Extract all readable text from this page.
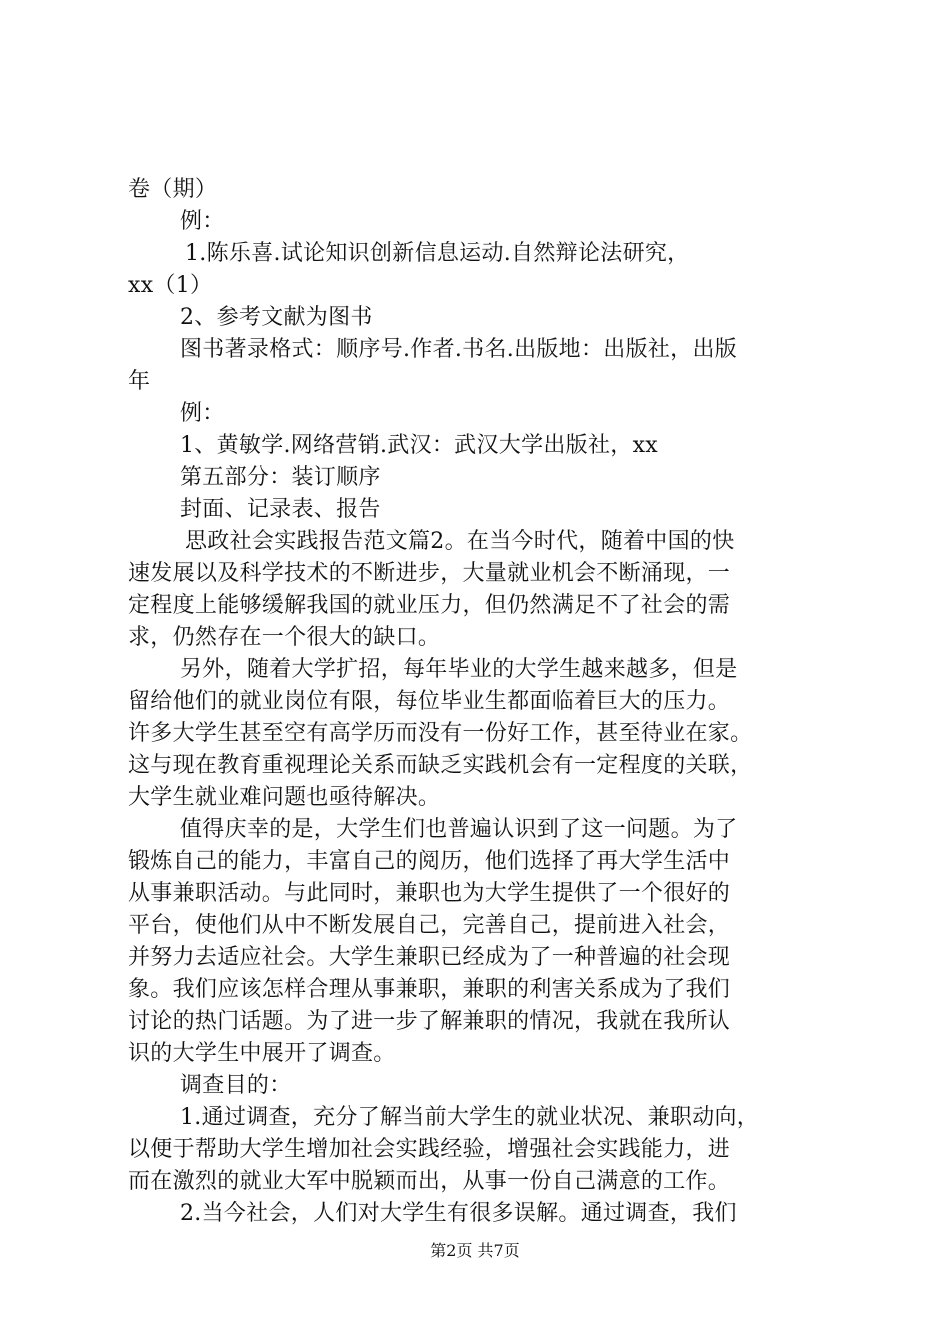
卷（期）
例：
1.陈乐喜.试论知识创新信息运动.自然辩论法研究，
xx（1）
2、参考文献为图书
图书著录格式：顺序号.作者.书名.出版地：出版社，出版
年
例：
1、黄敏学.网络营销.武汉：武汉大学出版社，xx
第五部分：装订顺序
封面、记录表、报告
思政社会实践报告范文篇2。在当今时代，随着中国的快
速发展以及科学技术的不断进步，大量就业机会不断涌现，一
定程度上能够缓解我国的就业压力，但仍然满足不了社会的需
求，仍然存在一个很大的缺口。
另外，随着大学扩招，每年毕业的大学生越来越多，但是
留给他们的就业岗位有限，每位毕业生都面临着巨大的压力。
许多大学生甚至空有高学历而没有一份好工作，甚至待业在家。
这与现在教育重视理论关系而缺乏实践机会有一定程度的关联，
大学生就业难问题也亟待解决。
值得庆幸的是，大学生们也普遍认识到了这一问题。为了
锻炼自己的能力，丰富自己的阅历，他们选择了再大学生活中
从事兼职活动。与此同时，兼职也为大学生提供了一个很好的
平台，使他们从中不断发展自己，完善自己，提前进入社会，
并努力去适应社会。大学生兼职已经成为了一种普遍的社会现
象。我们应该怎样合理从事兼职，兼职的利害关系成为了我们
讨论的热门话题。为了进一步了解兼职的情况，我就在我所认
识的大学生中展开了调查。
调查目的：
1.通过调查，充分了解当前大学生的就业状况、兼职动向，
以便于帮助大学生增加社会实践经验，增强社会实践能力，进
而在激烈的就业大军中脱颖而出，从事一份自己满意的工作。
2.当今社会，人们对大学生有很多误解。通过调查，我们
第2页 共7页
